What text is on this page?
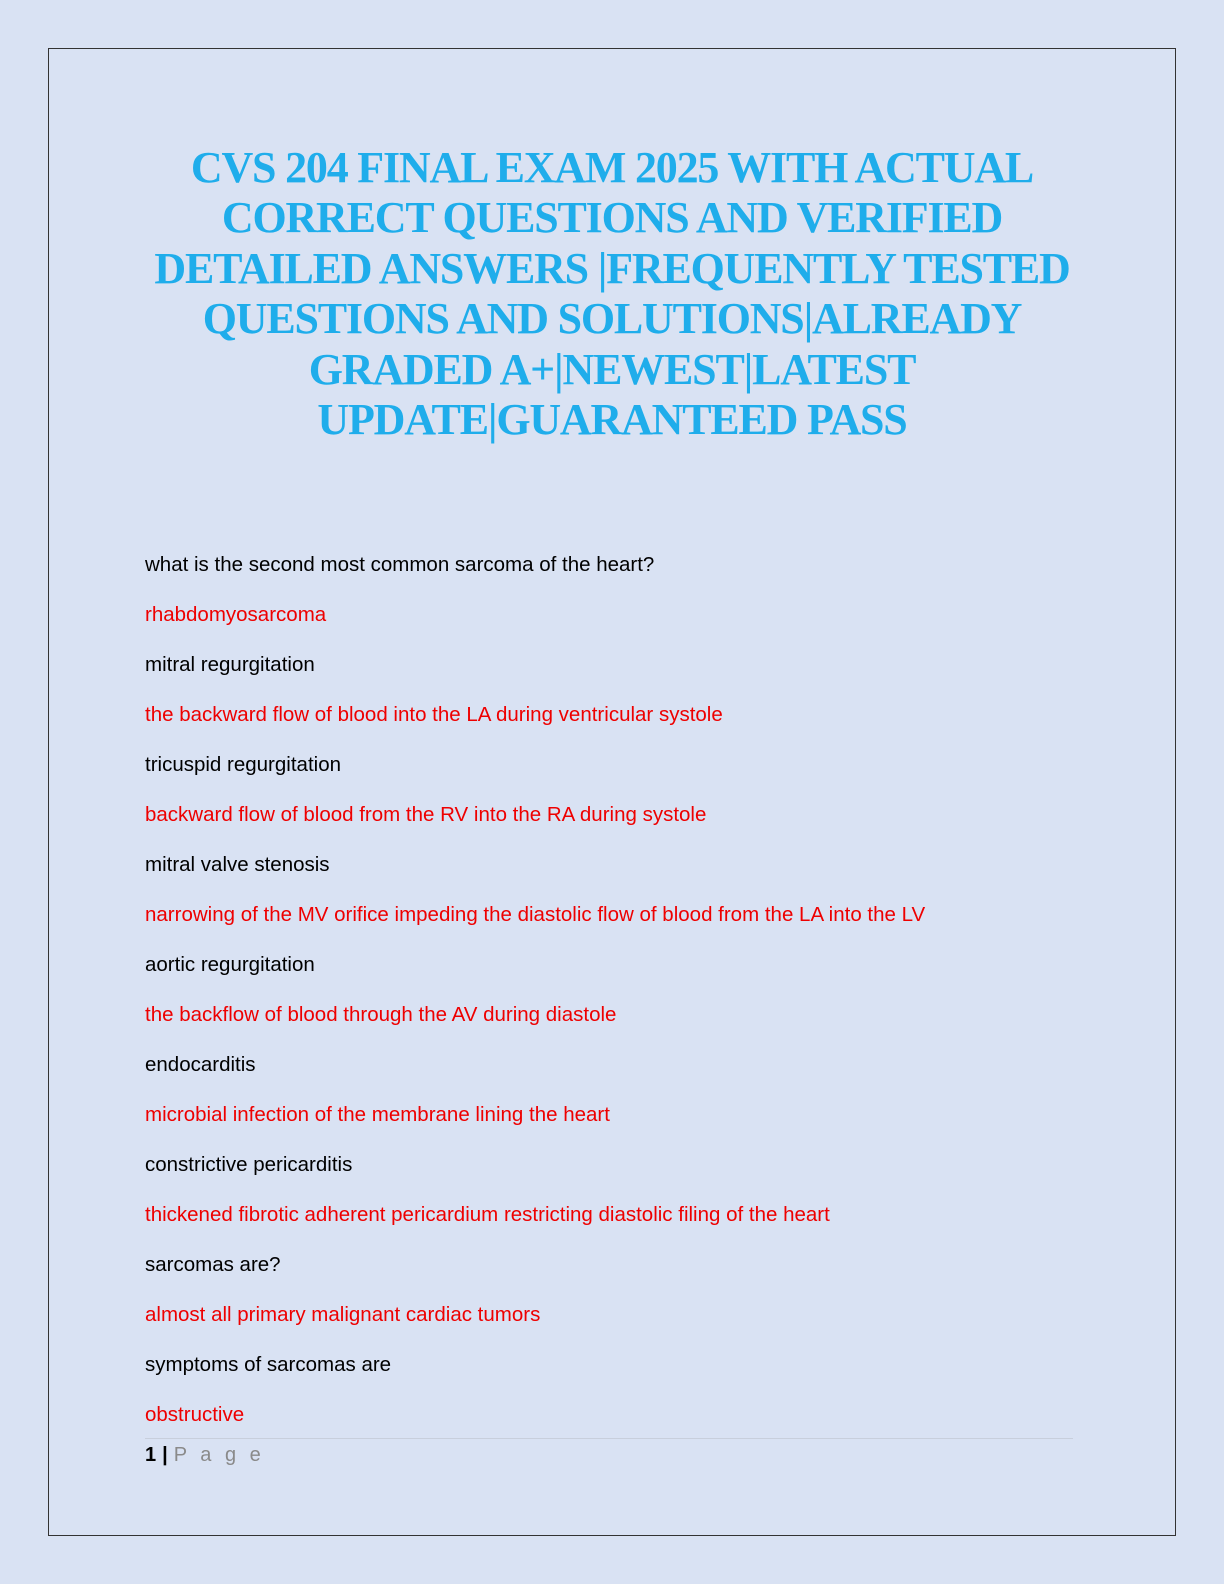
CVS 204 FINAL EXAM 2025 WITH ACTUAL CORRECT QUESTIONS AND VERIFIED DETAILED ANSWERS |FREQUENTLY TESTED QUESTIONS AND SOLUTIONS|ALREADY GRADED A+|NEWEST|LATEST UPDATE|GUARANTEED PASS
what is the second most common sarcoma of the heart?
rhabdomyosarcoma
mitral regurgitation
the backward flow of blood into the LA during ventricular systole
tricuspid regurgitation
backward flow of blood from the RV into the RA during systole
mitral valve stenosis
narrowing of the MV orifice impeding the diastolic flow of blood from the LA into the LV
aortic regurgitation
the backflow of blood through the AV during diastole
endocarditis
microbial infection of the membrane lining the heart
constrictive pericarditis
thickened fibrotic adherent pericardium restricting diastolic filing of the heart
sarcomas are?
almost all primary malignant cardiac tumors
symptoms of sarcomas are
obstructive
1 | P a g e
